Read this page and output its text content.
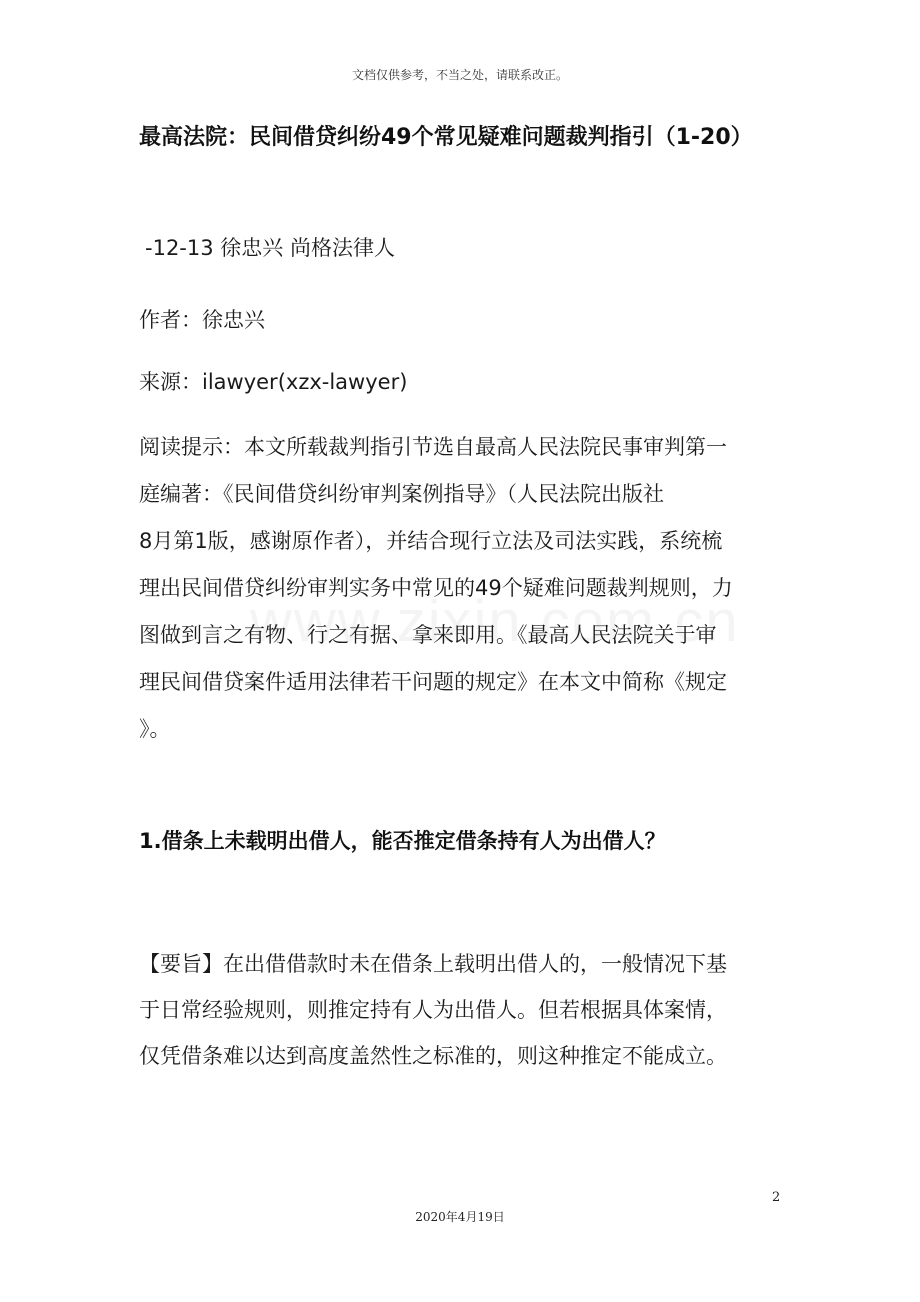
文档仅供参考，不当之处，请联系改正。
最高法院：民间借贷纠纷49个常见疑难问题裁判指引（1-20）

-12-13 徐忠兴 尚格法律人

作者：徐忠兴

来源：ilawyer(xzx-lawyer)

阅读提示：本文所载裁判指引节选自最高人民法院民事审判第一
庭编著：《民间借贷纠纷审判案例指导》（人民法院出版社
8月第1版，感谢原作者），并结合现行立法及司法实践，系统梳
理出民间借贷纠纷审判实务中常见的49个疑难问题裁判规则，力
图做到言之有物、行之有据、拿来即用。《最高人民法院关于审
理民间借贷案件适用法律若干问题的规定》在本文中简称《规定
》。

1.借条上未载明出借人，能否推定借条持有人为出借人？

【要旨】在出借借款时未在借条上载明出借人的，一般情况下基
于日常经验规则，则推定持有人为出借人。但若根据具体案情，
仅凭借条难以达到高度盖然性之标准的，则这种推定不能成立。

2
2020年4月19日
